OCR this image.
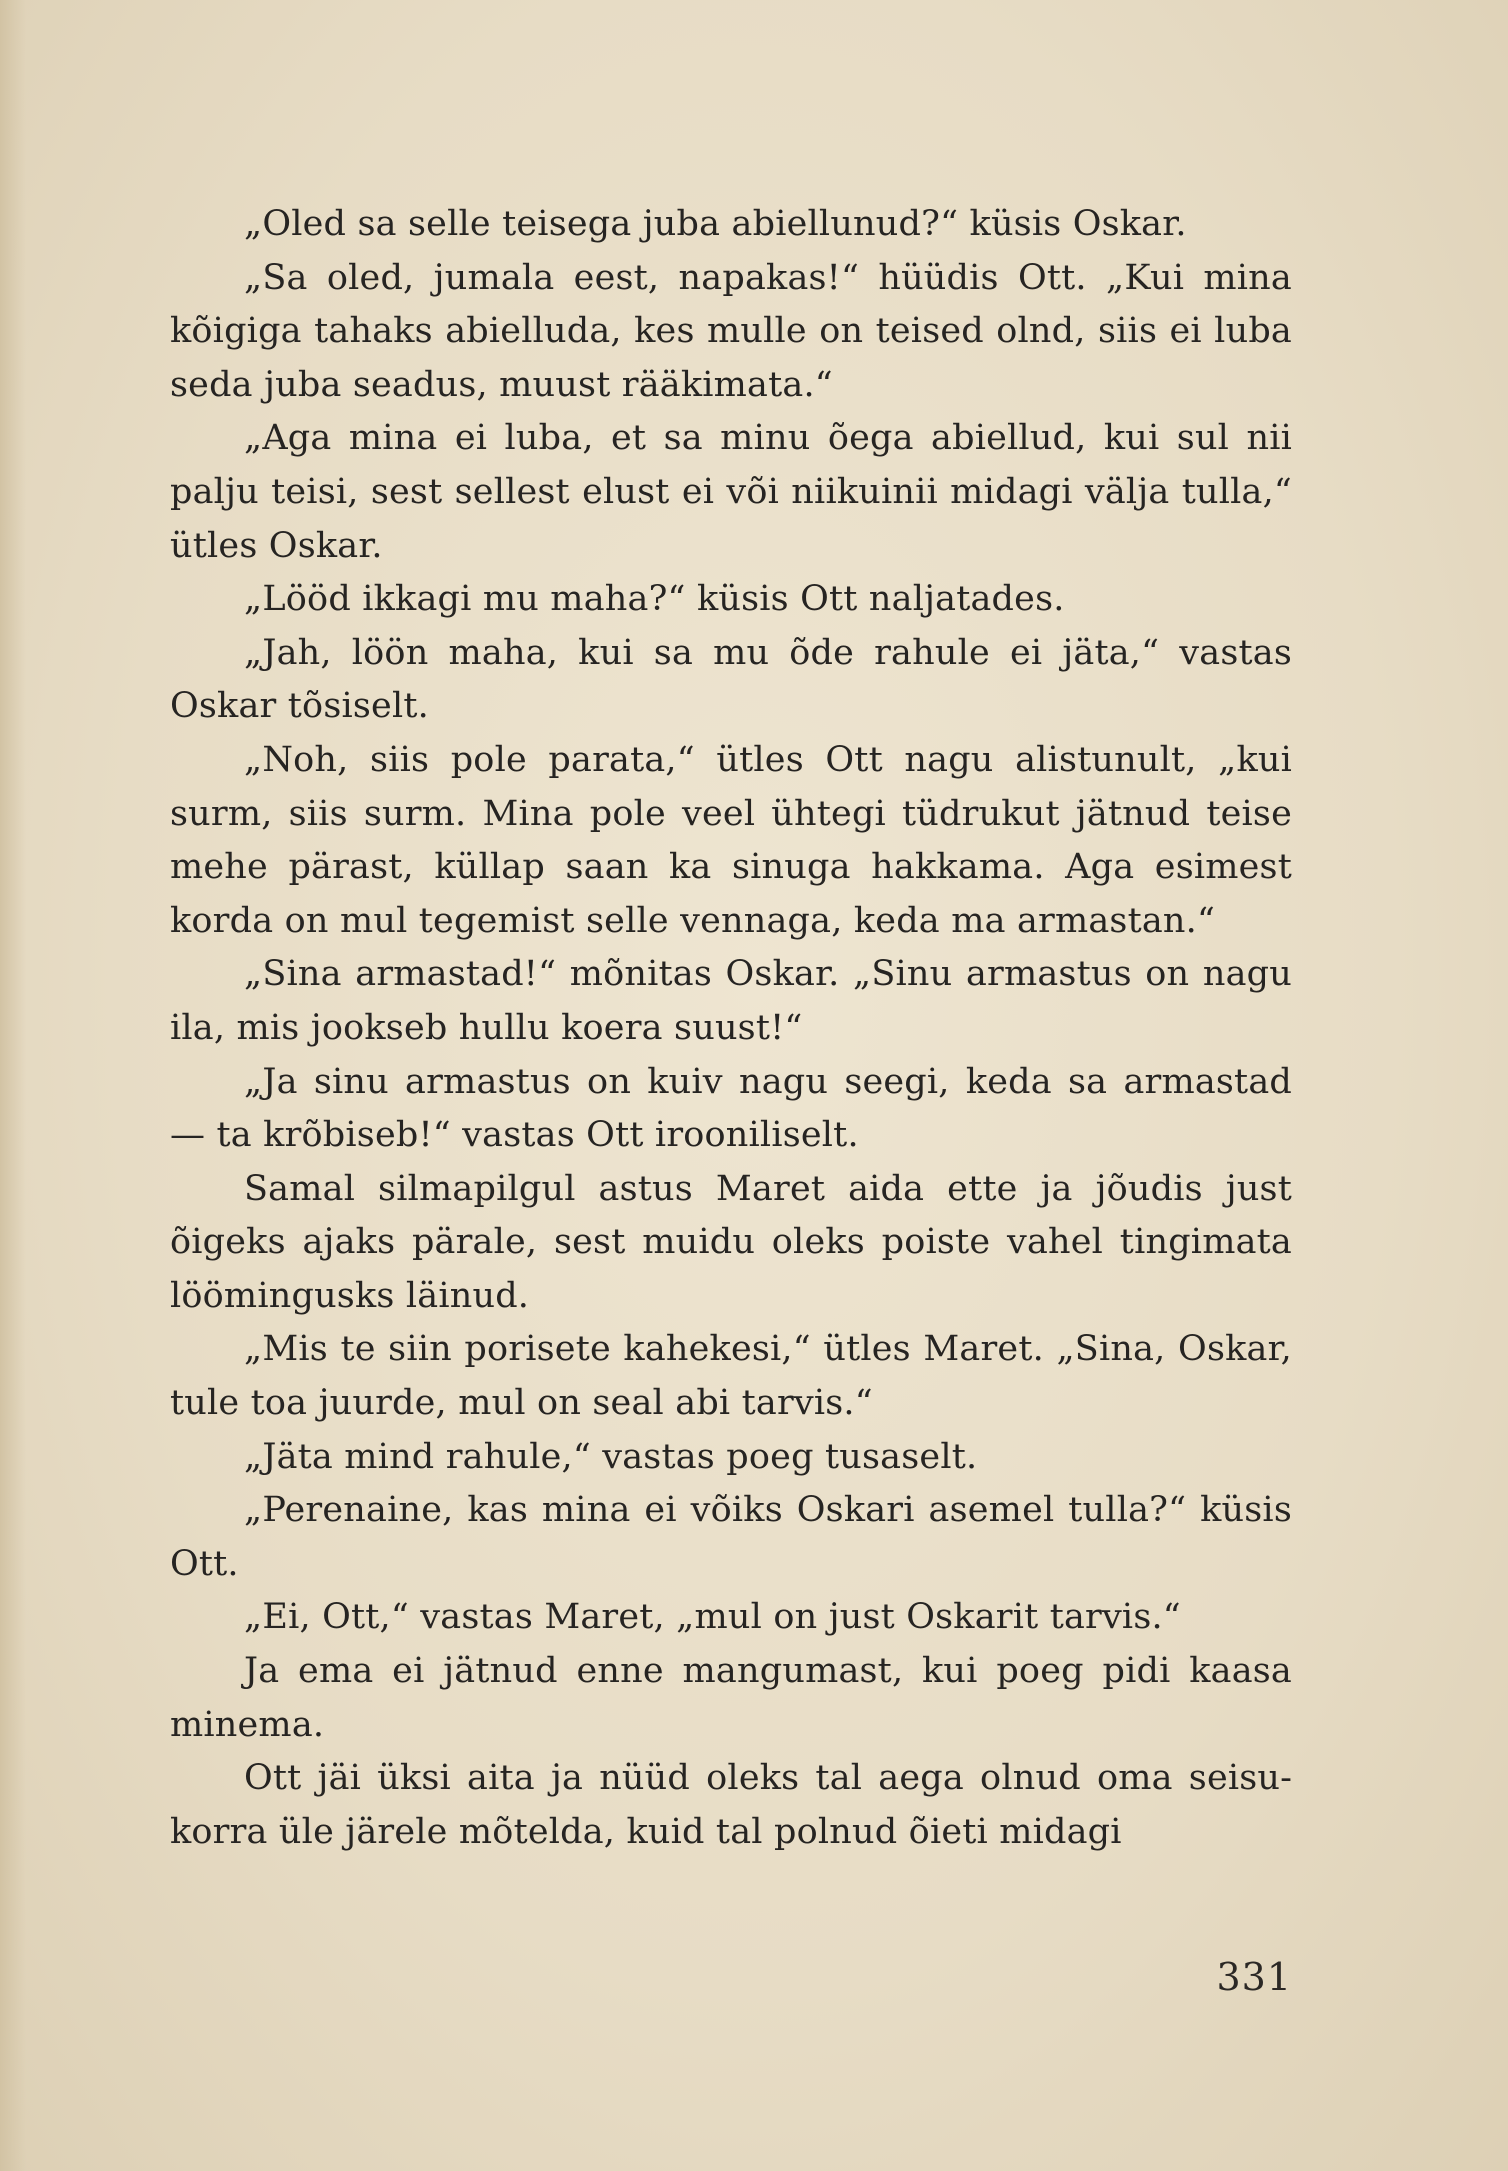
„Oled sa selle teisega juba abiellunud?“ küsis Oskar.

„Sa oled, jumala eest, napakas!“ hüüdis Ott. „Kui mina kõigiga tahaks abielluda, kes mulle on teised olnd, siis ei luba seda juba seadus, muust rääkimata.“

„Aga mina ei luba, et sa minu õega abiellud, kui sul nii palju teisi, sest sellest elust ei või niikuinii midagi välja tulla,“ ütles Oskar.

„Lööd ikkagi mu maha?“ küsis Ott naljatades.

„Jah, löön maha, kui sa mu õde rahule ei jäta,“ vastas Oskar tõsiselt.

„Noh, siis pole parata,“ ütles Ott nagu alistunult, „kui surm, siis surm. Mina pole veel ühtegi tüdrukut jätnud teise mehe pärast, küllap saan ka sinuga hakkama. Aga esimest korda on mul tegemist selle vennaga, keda ma armastan.“

„Sina armastad!“ mõnitas Oskar. „Sinu armastus on nagu ila, mis jookseb hullu koera suust!“

„Ja sinu armastus on kuiv nagu seegi, keda sa armastad — ta krõbiseb!“ vastas Ott irooniliselt.

Samal silmapilgul astus Maret aida ette ja jõudis just õigeks ajaks pärale, sest muidu oleks poiste vahel tingimata löömingusks läinud.

„Mis te siin porisete kahekesi,“ ütles Maret. „Sina, Oskar, tule toa juurde, mul on seal abi tarvis.“

„Jäta mind rahule,“ vastas poeg tusaselt.

„Perenaine, kas mina ei võiks Oskari asemel tulla?“ küsis Ott.

„Ei, Ott,“ vastas Maret, „mul on just Oskarit tarvis.“

Ja ema ei jätnud enne mangumast, kui poeg pidi kaasa minema.

Ott jäi üksi aita ja nüüd oleks tal aega olnud oma seisukorra üle järele mõtelda, kuid tal polnud õieti midagi

331
